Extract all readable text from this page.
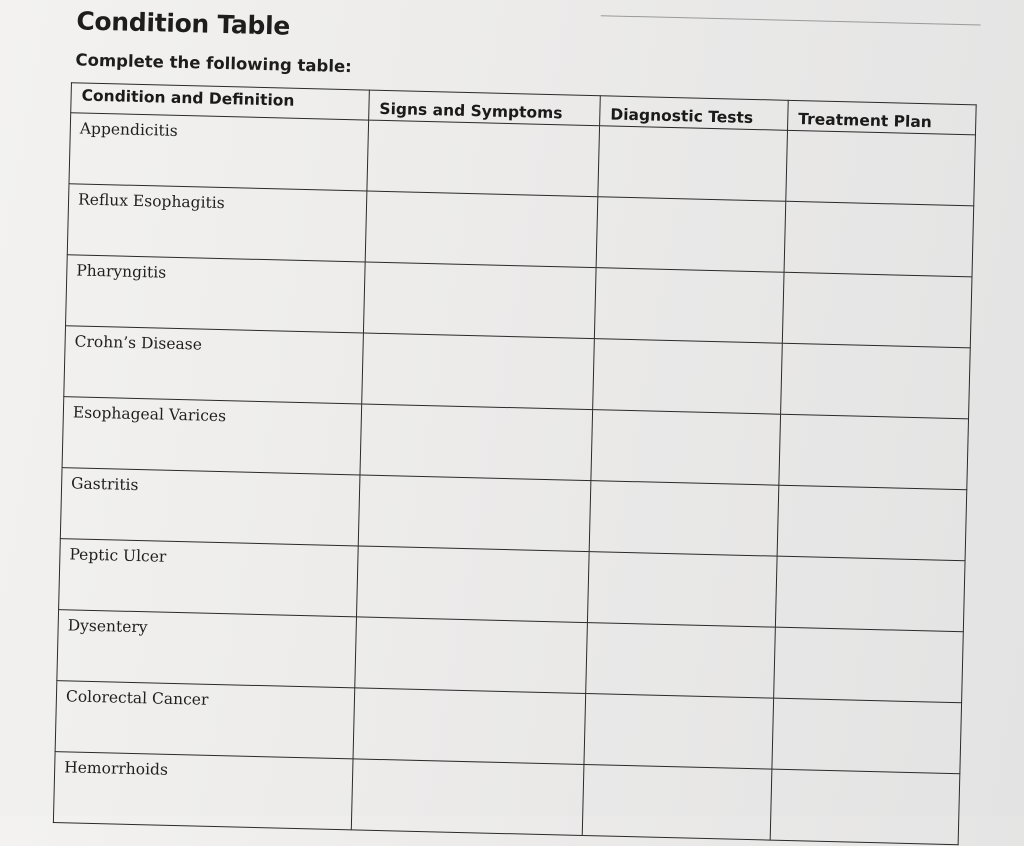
Condition Table

Complete the following table:

Condition and Definition	Signs and Symptoms	Diagnostic Tests	Treatment Plan
Appendicitis			
Reflux Esophagitis			
Pharyngitis			
Crohn’s Disease			
Esophageal Varices			
Gastritis			
Peptic Ulcer			
Dysentery			
Colorectal Cancer			
Hemorrhoids			
